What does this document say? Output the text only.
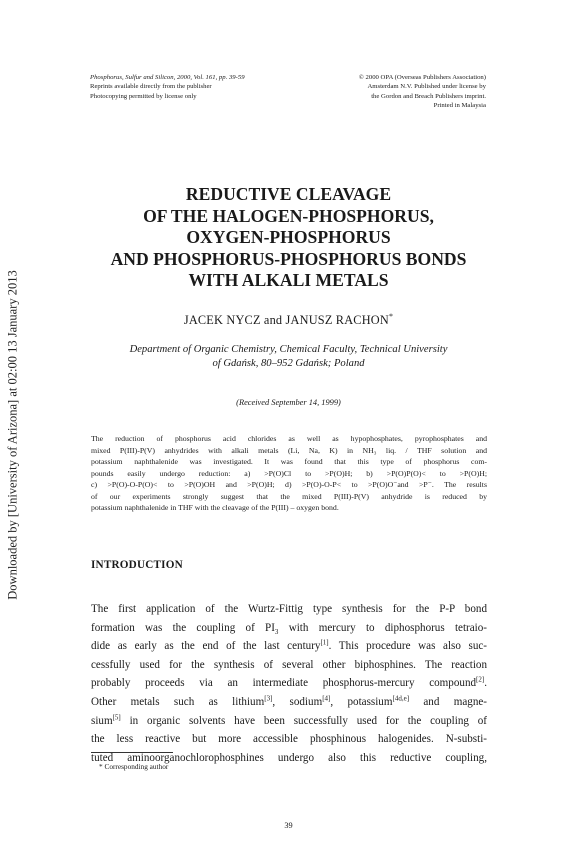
Downloaded by [University of Arizona] at 02:00 13 January 2013
Phosphorus, Sulfur and Silicon, 2000, Vol. 161, pp. 39-59
Reprints available directly from the publisher
Photocopying permitted by license only
© 2000 OPA (Overseas Publishers Association)
Amsterdam N.V. Published under license by
the Gordon and Breach Publishers imprint.
Printed in Malaysia
REDUCTIVE CLEAVAGE
OF THE HALOGEN-PHOSPHORUS,
OXYGEN-PHOSPHORUS
AND PHOSPHORUS-PHOSPHORUS BONDS
WITH ALKALI METALS
JACEK NYCZ and JANUSZ RACHON*
Department of Organic Chemistry, Chemical Faculty, Technical University
of Gdańsk, 80–952 Gdańsk; Poland
(Received September 14, 1999)
The reduction of phosphorus acid chlorides as well as hypophosphates, pyrophosphates and
mixed P(III)-P(V) anhydrides with alkali metals (Li, Na, K) in NH₃ liq. / THF solution and
potassium naphthalenide was investigated. It was found that this type of phosphorus com-
pounds easily undergo reduction: a) >P(O)Cl to >P(O)H; b) >P(O)P(O)< to >P(O)H;
c) >P(O)-O-P(O)< to >P(O)OH and >P(O)H; d) >P(O)-O-P< to >P(O)O⁻and >P⁻. The results
of our experiments strongly suggest that the mixed P(III)-P(V) anhydride is reduced by
potassium naphthalenide in THF with the cleavage of the P(III) – oxygen bond.
INTRODUCTION
The first application of the Wurtz-Fittig type synthesis for the P-P bond
formation was the coupling of $PI_3$ with mercury to diphosphorus tetraio-
dide as early as the end of the last century[1]. This procedure was also suc-
cessfully used for the synthesis of several other biphosphines. The reaction
probably proceeds via an intermediate phosphorus-mercury compound[2].
Other metals such as lithium[3], sodium[4], potassium[4d,e] and magne-
sium[5] in organic solvents have been successfully used for the coupling of
the less reactive but more accessible phosphinous halogenides. N-substi-
tuted aminoorganochlorophosphines undergo also this reductive coupling,
* Corresponding author
39
